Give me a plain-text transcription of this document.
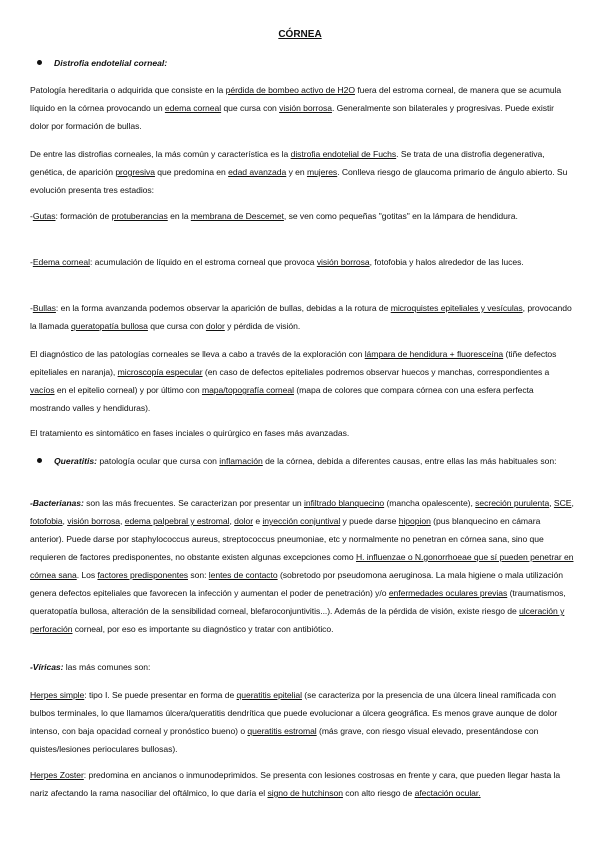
CÓRNEA
Distrofia endotelial corneal:

Patología hereditaria o adquirida que consiste en la pérdida de bombeo activo de H2O fuera del estroma corneal, de manera que se acumula líquido en la córnea provocando un edema corneal que cursa con visión borrosa. Generalmente son bilaterales y progresivas. Puede existir dolor por formación de bullas.

De entre las distrofias corneales, la más común y característica es la distrofia endotelial de Fuchs. Se trata de una distrofia degenerativa, genética, de aparición progresiva que predomina en edad avanzada y en mujeres. Conlleva riesgo de glaucoma primario de ángulo abierto. Su evolución presenta tres estadios:

-Gutas: formación de protuberancias en la membrana de Descemet, se ven como pequeñas "gotitas" en la lámpara de hendidura.

-Edema corneal: acumulación de líquido en el estroma corneal que provoca visión borrosa, fotofobia y halos alrededor de las luces.

-Bullas: en la forma avanzanda podemos observar la aparición de bullas, debidas a la rotura de microquistes epiteliales y vesículas, provocando la llamada queratopatía bullosa que cursa con dolor y pérdida de visión.

El diagnóstico de las patologías corneales se lleva a cabo a través de la exploración con lámpara de hendidura + fluoresceína (tiñe defectos epiteliales en naranja), microscopía especular (en caso de defectos epiteliales podremos observar huecos y manchas, correspondientes a vacíos en el epitelio corneal) y por último con mapa/topografía corneal (mapa de colores que compara córnea con una esfera perfecta mostrando valles y hendiduras).

El tratamiento es sintomático en fases inciales o quirúrgico en fases más avanzadas.

Queratitis: patología ocular que cursa con inflamación de la córnea, debida a diferentes causas, entre ellas las más habituales son:

-Bacterianas: son las más frecuentes. Se caracterizan por presentar un infiltrado blanquecino (mancha opalescente), secreción purulenta, SCE, fotofobia, visión borrosa, edema palpebral y estromal, dolor e inyección conjuntival y puede darse hipopion (pus blanquecino en cámara anterior). Puede darse por staphylococcus aureus, streptococcus pneumoniae, etc y normalmente no penetran en córnea sana, sino que requieren de factores predisponentes, no obstante existen algunas excepciones como H. influenzae o N.gonorrhoeae que sí pueden penetrar en córnea sana. Los factores predisponentes son: lentes de contacto (sobretodo por pseudomona aeruginosa. La mala higiene o mala utilización genera defectos epiteliales que favorecen la infección y aumentan el poder de penetración) y/o enfermedades oculares previas (traumatismos, queratopatía bullosa, alteración de la sensibilidad corneal, blefaroconjuntivitis...). Además de la pérdida de visión, existe riesgo de ulceración y perforación corneal, por eso es importante su diagnóstico y tratar con antibiótico.

-Víricas: las más comunes son:

Herpes simple: tipo I. Se puede presentar en forma de queratitis epitelial (se caracteriza por la presencia de una úlcera lineal ramificada con bulbos terminales, lo que llamamos úlcera/queratitis dendrítica que puede evolucionar a úlcera geográfica. Es menos grave aunque de dolor intenso, con baja opacidad corneal y pronóstico bueno) o queratitis estromal (más grave, con riesgo visual elevado, presentándose con quistes/lesiones perioculares bullosas).

Herpes Zoster: predomina en ancianos o inmunodeprimidos. Se presenta con lesiones costrosas en frente y cara, que pueden llegar hasta la nariz afectando la rama nasociliar del oftálmico, lo que daría el signo de hutchinson con alto riesgo de afectación ocular.
